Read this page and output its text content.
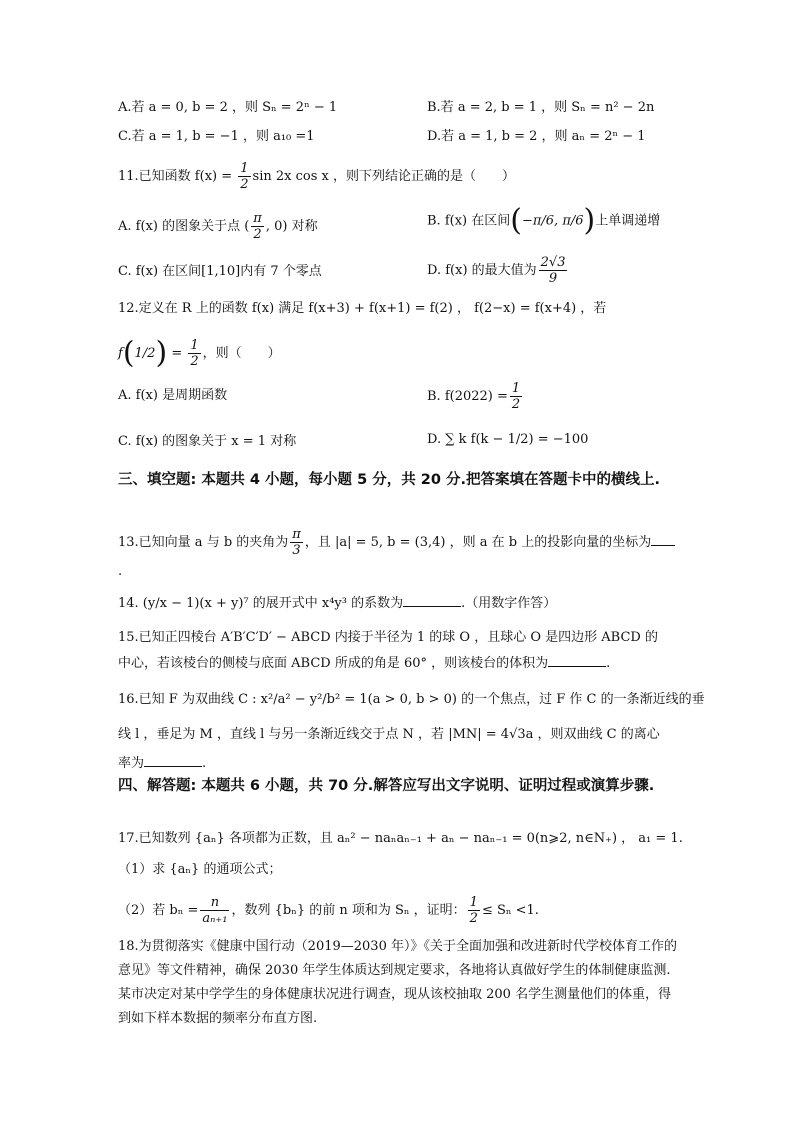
A.若 a = 0, b = 2 ，则 Sₙ = 2ⁿ − 1	B.若 a = 2, b = 1 ，则 Sₙ = n² − 2n
C.若 a = 1, b = −1 ，则 a₁₀ =1	D.若 a = 1, b = 2 ，则 aₙ = 2ⁿ − 1
11.已知函数 $f(x) = \frac{1}{2}$ sin 2x cos x ，则下列结论正确的是（　　）
A. f(x) 的图象关于点 ( $\frac{\pi}{2}$ , 0) 对称	B. f(x) 在区间(−π/6, π/6)上单调递增
C. f(x) 在区间[1,10]内有 7 个零点	D. f(x) 的最大值为 $\frac{2√3}{9}$
12.定义在 R 上的函数 f(x) 满足 f(x+3) + f(x+1) = f(2) ， f(2−x) = f(x+4) ，若
$f(1/2) = \frac{1}{2}$ ，则（　　）
A. f(x) 是周期函数	B. $f(2022) = \frac{1}{2}$
C. f(x) 的图象关于 x = 1 对称	D. ∑ k f(k − 1/2) = −100
三、填空题: 本题共 4 小题，每小题 5 分，共 20 分.把答案填在答题卡中的横线上.
13.已知向量 a 与 b 的夹角为 $\frac{\pi}{3}$ ，且 |a| = 5, b = (3,4) ，则 a 在 b 上的投影向量的坐标为
.
14. (y/x − 1)(x + y)⁷ 的展开式中 x⁴y³ 的系数为	.（用数字作答）
15.已知正四棱台 A′B′C′D′ − ABCD 内接于半径为 1 的球 O ，且球心 O 是四边形 ABCD 的
中心，若该棱台的侧棱与底面 ABCD 所成的角是 60° ，则该棱台的体积为	.
16.已知 F 为双曲线 C : x²/a² − y²/b² = 1(a > 0, b > 0) 的一个焦点，过 F 作 C 的一条渐近线的垂
线 l ，垂足为 M ，直线 l 与另一条渐近线交于点 N ，若 |MN| = 4√3a ，则双曲线 C 的离心
率为	.
四、解答题: 本题共 6 小题，共 70 分.解答应写出文字说明、证明过程或演算步骤.
17.已知数列 {aₙ} 各项都为正数，且 aₙ² − naₙaₙ₋₁ + aₙ − naₙ₋₁ = 0(n⩾2, n∈N₊) ， a₁ = 1.
（1）求 {aₙ} 的通项公式；
（2）若 $b_n = \frac{n}{\text{aₙ₊₁}}$ ，数列 {bₙ} 的前 n 项和为 Sₙ ，证明： $\frac{1}{2} \le S_n <1$.
18.为贯彻落实《健康中国行动（2019—2030 年）》《关于全面加强和改进新时代学校体育工作的意见》等文件精神，确保 2030 年学生体质达到规定要求，各地将认真做好学生的体制健康监测.某市决定对某中学学生的身体健康状况进行调查，现从该校抽取 200 名学生测量他们的体重，得到如下样本数据的频率分布直方图.
